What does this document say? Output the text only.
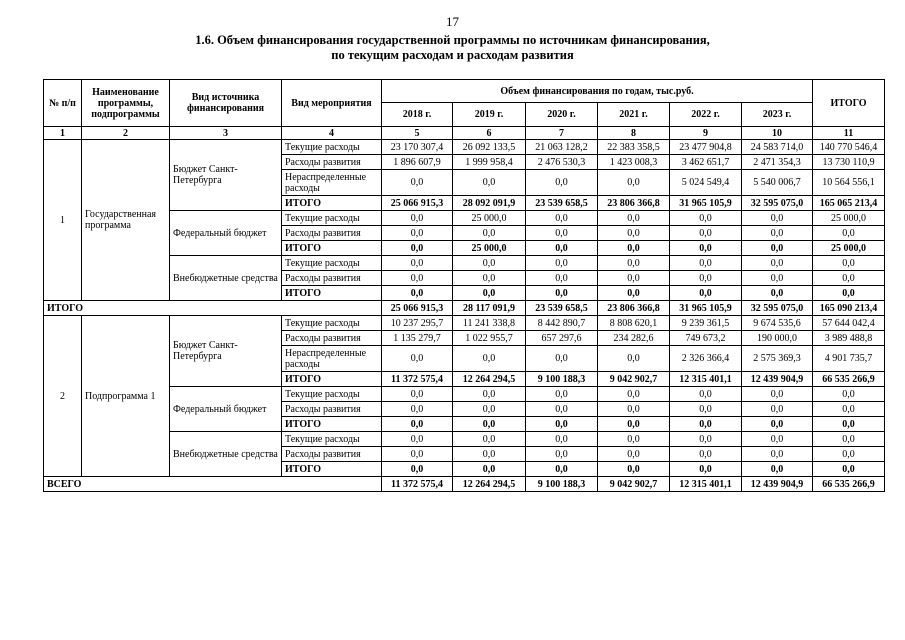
17
1.6. Объем финансирования государственной программы по источникам финансирования,
по текущим расходам и расходам развития
№ п/п	Наименование программы, подпрограммы	Вид источника финансирования	Вид мероприятия	Объем финансирования по годам, тыс.руб.						ИТОГО
				2018 г.	2019 г.	2020 г.	2021 г.	2022 г.	2023 г.	
1	2	3	4	5	6	7	8	9	10	11
1	Государственная программа	Бюджет Санкт-Петербурга	Текущие расходы	23 170 307,4	26 092 133,5	21 063 128,2	22 383 358,5	23 477 904,8	24 583 714,0	140 770 546,4
			Расходы развития	1 896 607,9	1 999 958,4	2 476 530,3	1 423 008,3	3 462 651,7	2 471 354,3	13 730 110,9
			Нераспределенные расходы	0,0	0,0	0,0	0,0	5 024 549,4	5 540 006,7	10 564 556,1
			ИТОГО	25 066 915,3	28 092 091,9	23 539 658,5	23 806 366,8	31 965 105,9	32 595 075,0	165 065 213,4
		Федеральный бюджет	Текущие расходы	0,0	25 000,0	0,0	0,0	0,0	0,0	25 000,0
			Расходы развития	0,0	0,0	0,0	0,0	0,0	0,0	0,0
			ИТОГО	0,0	25 000,0	0,0	0,0	0,0	0,0	25 000,0
		Внебюджетные средства	Текущие расходы	0,0	0,0	0,0	0,0	0,0	0,0	0,0
			Расходы развития	0,0	0,0	0,0	0,0	0,0	0,0	0,0
			ИТОГО	0,0	0,0	0,0	0,0	0,0	0,0	0,0
ИТОГО				25 066 915,3	28 117 091,9	23 539 658,5	23 806 366,8	31 965 105,9	32 595 075,0	165 090 213,4
2	Подпрограмма 1	Бюджет Санкт-Петербурга	Текущие расходы	10 237 295,7	11 241 338,8	8 442 890,7	8 808 620,1	9 239 361,5	9 674 535,6	57 644 042,4
			Расходы развития	1 135 279,7	1 022 955,7	657 297,6	234 282,6	749 673,2	190 000,0	3 989 488,8
			Нераспределенные расходы	0,0	0,0	0,0	0,0	2 326 366,4	2 575 369,3	4 901 735,7
			ИТОГО	11 372 575,4	12 264 294,5	9 100 188,3	9 042 902,7	12 315 401,1	12 439 904,9	66 535 266,9
		Федеральный бюджет	Текущие расходы	0,0	0,0	0,0	0,0	0,0	0,0	0,0
			Расходы развития	0,0	0,0	0,0	0,0	0,0	0,0	0,0
			ИТОГО	0,0	0,0	0,0	0,0	0,0	0,0	0,0
		Внебюджетные средства	Текущие расходы	0,0	0,0	0,0	0,0	0,0	0,0	0,0
			Расходы развития	0,0	0,0	0,0	0,0	0,0	0,0	0,0
			ИТОГО	0,0	0,0	0,0	0,0	0,0	0,0	0,0
ВСЕГО				11 372 575,4	12 264 294,5	9 100 188,3	9 042 902,7	12 315 401,1	12 439 904,9	66 535 266,9
